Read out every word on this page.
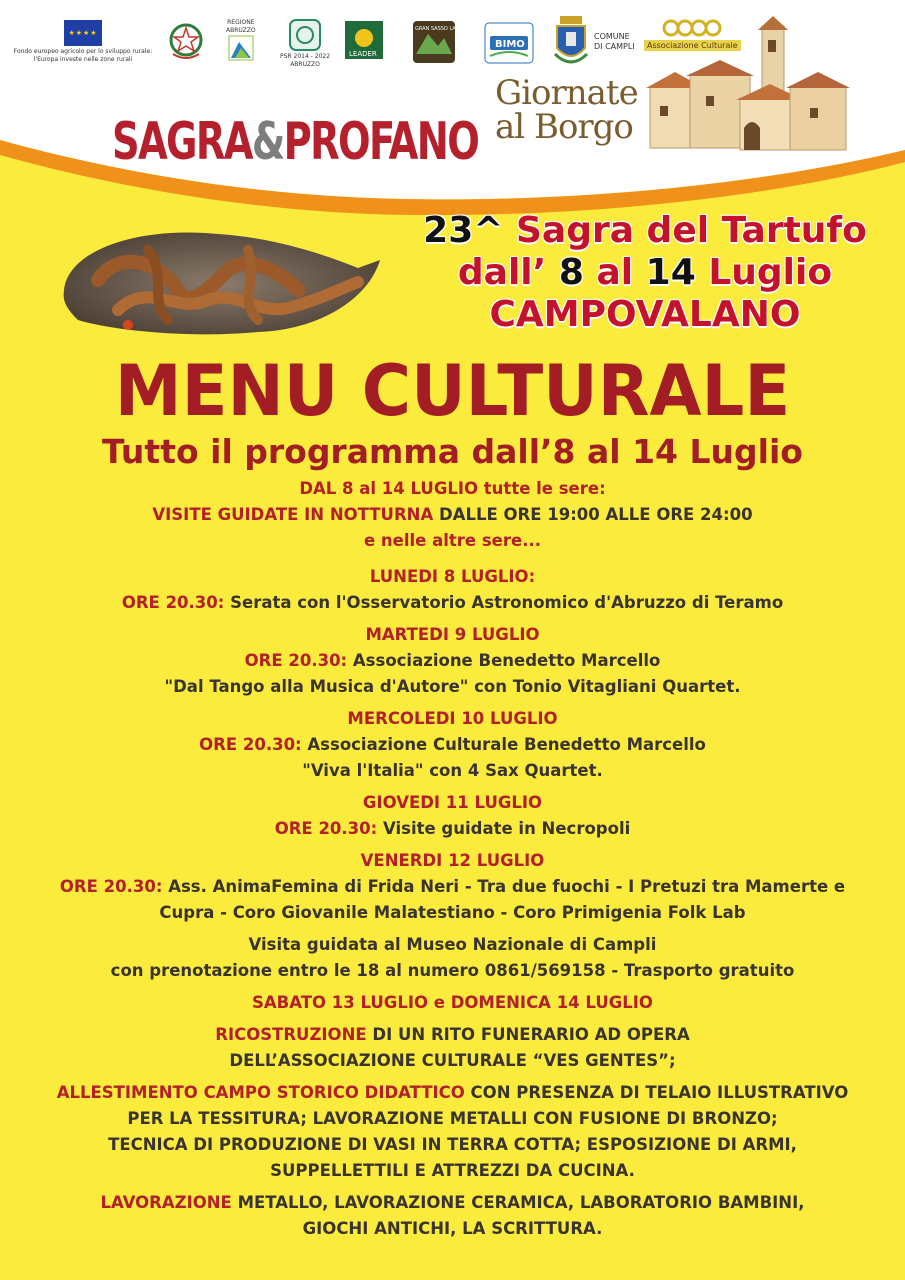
★★★★
Fondo europeo agricolo per lo sviluppo rurale:
l'Europa investe nelle zone rurali
REGIONE
ABRUZZO
PSR 2014 - 2022
ABRUZZO
LEADER
GRAN SASSO LAGA
BIMO
COMUNE
DI CAMPLI	Associazione Culturale
Giornate
al Borgo
SAGRA&PROFANO
23^ Sagra del Tartufo
dall’ 8 al 14 Luglio
CAMPOVALANO
MENU CULTURALE
Tutto il programma dall’8 al 14 Luglio

DAL 8 al 14 LUGLIO tutte le sere:

VISITE GUIDATE IN NOTTURNA DALLE ORE 19:00 ALLE ORE 24:00

e nelle altre sere...

LUNEDI 8 LUGLIO:

ORE 20.30: Serata con l'Osservatorio Astronomico d'Abruzzo di Teramo

MARTEDI 9 LUGLIO

ORE 20.30: Associazione Benedetto Marcello

"Dal Tango alla Musica d'Autore" con Tonio Vitagliani Quartet.

MERCOLEDI 10 LUGLIO

ORE 20.30: Associazione Culturale Benedetto Marcello

"Viva l'Italia" con 4 Sax Quartet.

GIOVEDI 11 LUGLIO

ORE 20.30: Visite guidate in Necropoli

VENERDI 12 LUGLIO

ORE 20.30: Ass. AnimaFemina di Frida Neri - Tra due fuochi - I Pretuzi tra Mamerte e

Cupra - Coro Giovanile Malatestiano - Coro Primigenia Folk Lab

Visita guidata al Museo Nazionale di Campli

con prenotazione entro le 18 al numero 0861/569158 - Trasporto gratuito

SABATO 13 LUGLIO e DOMENICA 14 LUGLIO

RICOSTRUZIONE DI UN RITO FUNERARIO AD OPERA

DELL’ASSOCIAZIONE CULTURALE “VES GENTES”;

ALLESTIMENTO CAMPO STORICO DIDATTICO CON PRESENZA DI TELAIO ILLUSTRATIVO

PER LA TESSITURA; LAVORAZIONE METALLI CON FUSIONE DI BRONZO;

TECNICA DI PRODUZIONE DI VASI IN TERRA COTTA; ESPOSIZIONE DI ARMI,

SUPPELLETTILI E ATTREZZI DA CUCINA.

LAVORAZIONE METALLO, LAVORAZIONE CERAMICA, LABORATORIO BAMBINI,

GIOCHI ANTICHI, LA SCRITTURA.
